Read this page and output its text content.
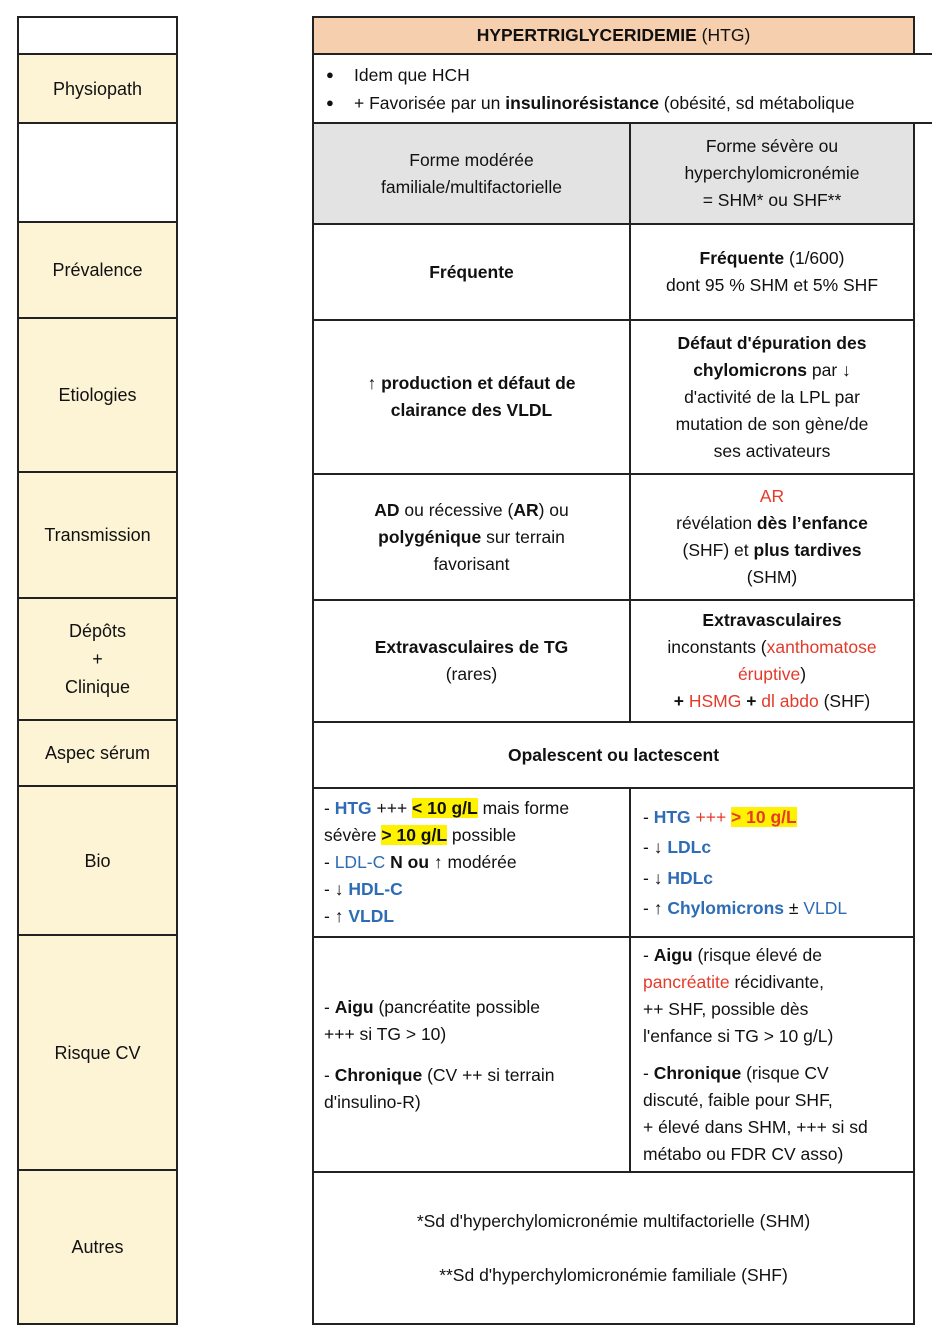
Physiopath
Prévalence
Etiologies
Transmission
Dépôts
+
Clinique
Aspec sérum
Bio
Risque CV
Autres
HYPERTRIGLYCERIDEMIE
(HTG)
● Idem que HCH
● + Favorisée par un insulinorésistance (obésité, sd métabolique
Forme modérée
familiale/multifactorielle
Forme sévère ou
hyperchylomicronémie
= SHM* ou SHF**
Fréquente
Fréquente (1/600)
dont 95 % SHM et 5% SHF
↑ production et défaut de
clairance des VLDL
Défaut d'épuration des
chylomicrons par ↓
d'activité de la LPL par
mutation de son gène/de
ses activateurs
AD ou récessive (AR) ou
polygénique sur terrain
favorisant
AR
révélation dès l’enfance
(SHF) et plus tardives
(SHM)
Extravasculaires de TG
(rares)
Extravasculaires
inconstants (xanthomatose
éruptive)
+ HSMG + dl abdo (SHF)
Opalescent ou lactescent
- HTG +++ < 10 g/L mais forme
sévère > 10 g/L possible
- LDL-C N ou ↑ modérée
- ↓ HDL-C
- ↑ VLDL
- HTG +++ > 10 g/L
- ↓ LDLc
- ↓ HDLc
- ↑ Chylomicrons ± VLDL
- Aigu (pancréatite possible
+++ si TG > 10)
- Chronique (CV ++ si terrain
d'insulino-R)
- Aigu (risque élevé de
pancréatite récidivante,
++ SHF, possible dès
l'enfance si TG > 10 g/L)
- Chronique (risque CV
discuté, faible pour SHF,
+ élevé dans SHM, +++ si sd
métabo ou FDR CV asso)
*Sd d'hyperchylomicronémie multifactorielle (SHM)
**Sd d'hyperchylomicronémie familiale (SHF)
